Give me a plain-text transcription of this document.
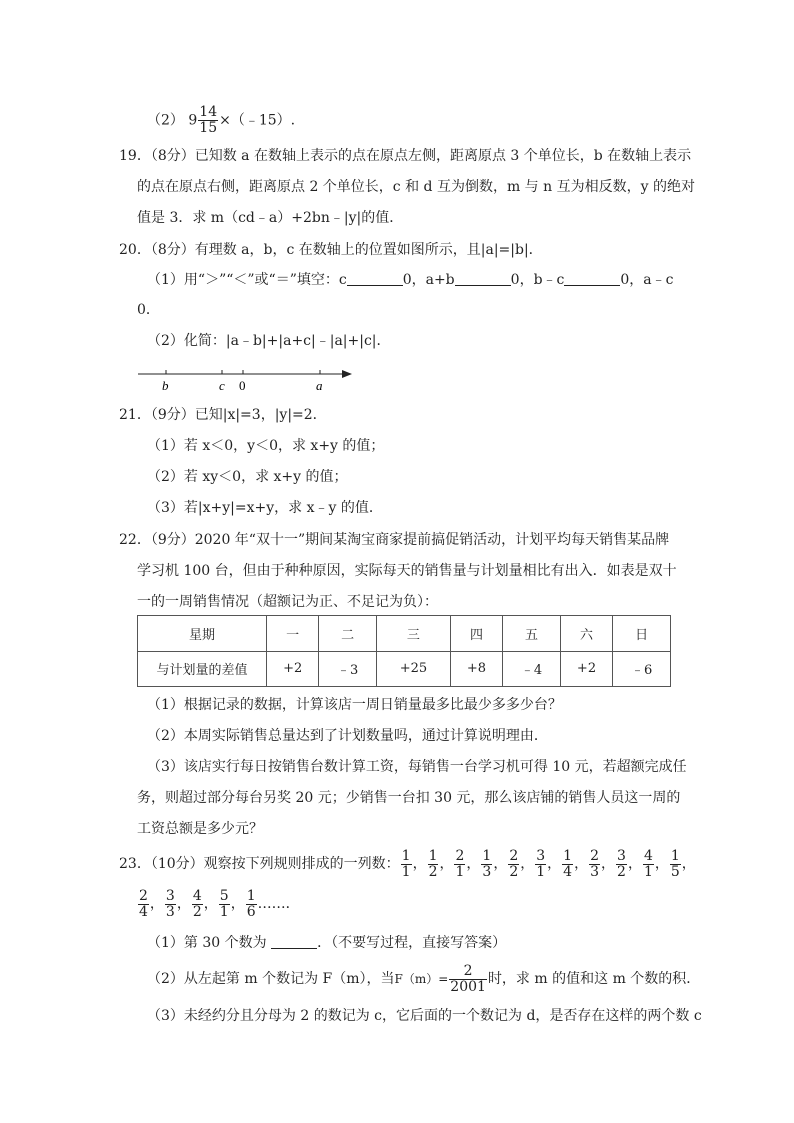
（2） $9 \frac{14}{15}$ ×（﹣15）.
19．（8分）已知数 a 在数轴上表示的点在原点左侧，距离原点 3 个单位长，b 在数轴上表示
的点在原点右侧，距离原点 2 个单位长，c 和 d 互为倒数，m 与 n 互为相反数，y 的绝对
值是 3．求 m（cd﹣a）+2bn﹣|y|的值．
20．（8分）有理数 a，b，c 在数轴上的位置如图所示，且|a|=|b|．
（1）用“＞”“＜”或“＝”填空：c	0，a+b	0，b﹣c	0，a﹣c
0．
（2）化简：|a﹣b|+|a+c|﹣|a|+|c|．
b	c 0	a
21．（9分）已知|x|=3，|y|=2．
（1）若 x＜0，y＜0，求 x+y 的值；
（2）若 xy＜0，求 x+y 的值；
（3）若|x+y|=x+y，求 x﹣y 的值．
22．（9分）2020 年“双十一”期间某淘宝商家提前搞促销活动，计划平均每天销售某品牌
学习机 100 台，但由于种种原因，实际每天的销售量与计划量相比有出入．如表是双十
一的一周销售情况（超额记为正、不足记为负）：
星期	一	二	三	四	五	六	日
与计划量的差值	+2	﹣3	+25	+8	﹣4	+2	﹣6
（1）根据记录的数据，计算该店一周日销量最多比最少多多少台？
（2）本周实际销售总量达到了计划数量吗，通过计算说明理由．
（3）该店实行每日按销售台数计算工资，每销售一台学习机可得 10 元，若超额完成任
务，则超过部分每台另奖 20 元；少销售一台扣 30 元，那么该店铺的销售人员这一周的
工资总额是多少元？
23．（10分）观察按下列规则排成的一列数： $\frac{1}{1}$ ， $\frac{1}{2}$ ， $\frac{2}{1}$ ， $\frac{1}{3}$ ， $\frac{2}{2}$ ， $\frac{3}{1}$ ， $\frac{1}{4}$ ， $\frac{2}{3}$ ， $\frac{3}{2}$ ， $\frac{4}{1}$ ， $\frac{1}{5}$ ，
$\frac{2}{4}$ ， $\frac{3}{3}$ ， $\frac{4}{2}$ ， $\frac{5}{1}$ ， $\frac{1}{6}$ ……．
（1）第 30 个数为	．（不要写过程，直接写答案）
（2）从左起第 m 个数记为 F（m），当$F(m)= \frac{2}{2001}$ 时，求 m 的值和这 m 个数的积．
（3）未经约分且分母为 2 的数记为 c，它后面的一个数记为 d，是否存在这样的两个数 c
